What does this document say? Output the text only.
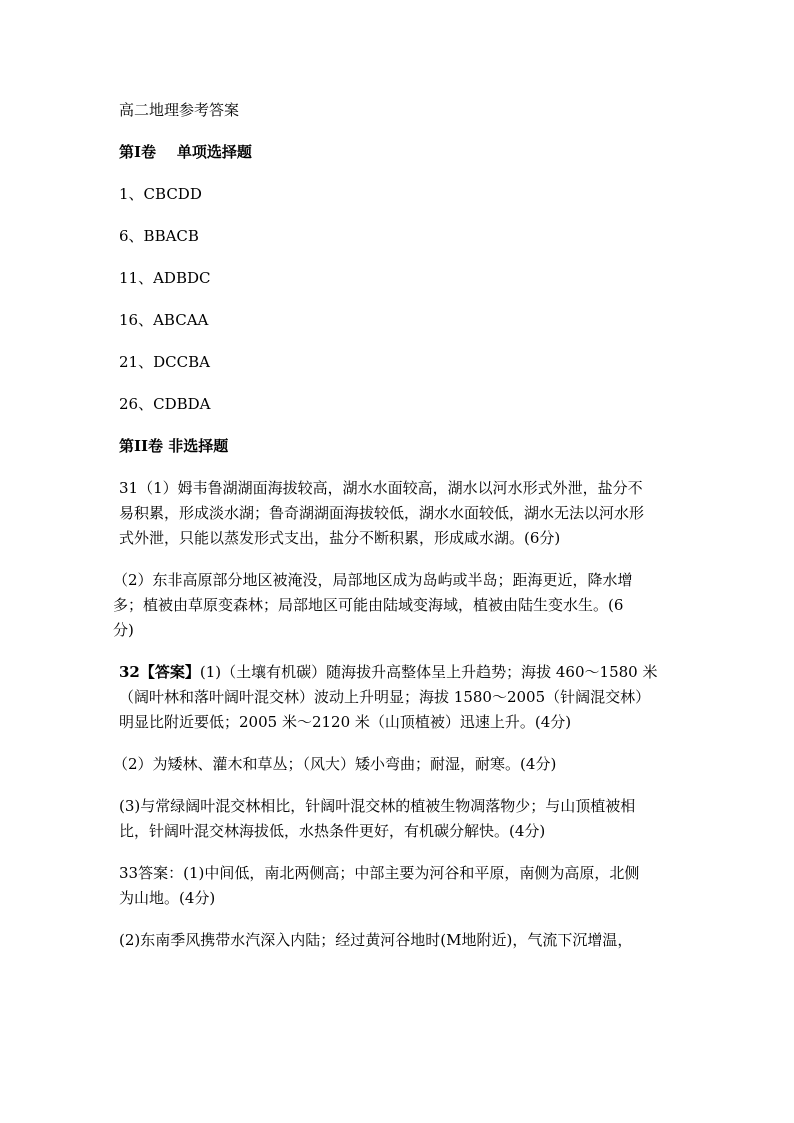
高二地理参考答案

第Ⅰ卷    单项选择题

1、CBCDD

6、BBACB

11、ADBDC

16、ABCAA

21、DCCBA

26、CDBDA

第II卷 非选择题

31（1）姆韦鲁湖湖面海拔较高，湖水水面较高，湖水以河水形式外泄，盐分不
易积累，形成淡水湖；鲁奇湖湖面海拔较低，湖水水面较低，湖水无法以河水形
式外泄，只能以蒸发形式支出，盐分不断积累，形成咸水湖。(6分)
（2）东非高原部分地区被淹没，局部地区成为岛屿或半岛；距海更近，降水增
多；植被由草原变森林；局部地区可能由陆域变海域，植被由陆生变水生。(6
分)
32【答案】(1)（土壤有机碳）随海拔升高整体呈上升趋势；海拔 460～1580 米
（阔叶林和落叶阔叶混交林）波动上升明显；海拔 1580～2005（针阔混交林）
明显比附近要低；2005 米～2120 米（山顶植被）迅速上升。(4分)

（2）为矮林、灌木和草丛；（风大）矮小弯曲；耐湿，耐寒。(4分)

(3)与常绿阔叶混交林相比，针阔叶混交林的植被生物凋落物少；与山顶植被相
比，针阔叶混交林海拔低，水热条件更好，有机碳分解快。(4分)
33答案：(1)中间低，南北两侧高；中部主要为河谷和平原，南侧为高原，北侧
为山地。(4分)
(2)东南季风携带水汽深入内陆；经过黄河谷地时(M地附近)，气流下沉增温，
